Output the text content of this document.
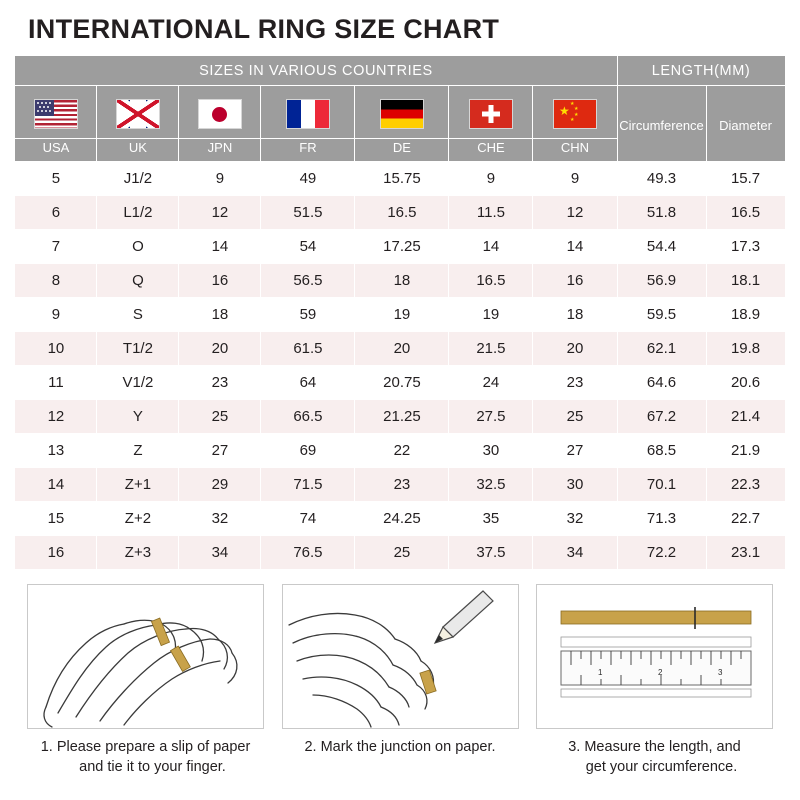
INTERNATIONAL RING SIZE CHART
SIZES IN VARIOUS COUNTRIES							LENGTH(MM)	

						★ ★
★
★
★	Circumference	Diameter
USA	UK	JPN	FR	DE	CHE	CHN		
5	J1/2	9	49	15.75	9	9	49.3	15.7
6	L1/2	12	51.5	16.5	11.5	12	51.8	16.5
7	O	14	54	17.25	14	14	54.4	17.3
8	Q	16	56.5	18	16.5	16	56.9	18.1
9	S	18	59	19	19	18	59.5	18.9
10	T1/2	20	61.5	20	21.5	20	62.1	19.8
11	V1/2	23	64	20.75	24	23	64.6	20.6
12	Y	25	66.5	21.25	27.5	25	67.2	21.4
13	Z	27	69	22	30	27	68.5	21.9
14	Z+1	29	71.5	23	32.5	30	70.1	22.3
15	Z+2	32	74	24.25	35	32	71.3	22.7
16	Z+3	34	76.5	25	37.5	34	72.2	23.1
1. Please prepare a slip of paper
and tie it to your finger.
2. Mark the junction on paper.
1	2	3
3. Measure the length, and
get your circumference.
